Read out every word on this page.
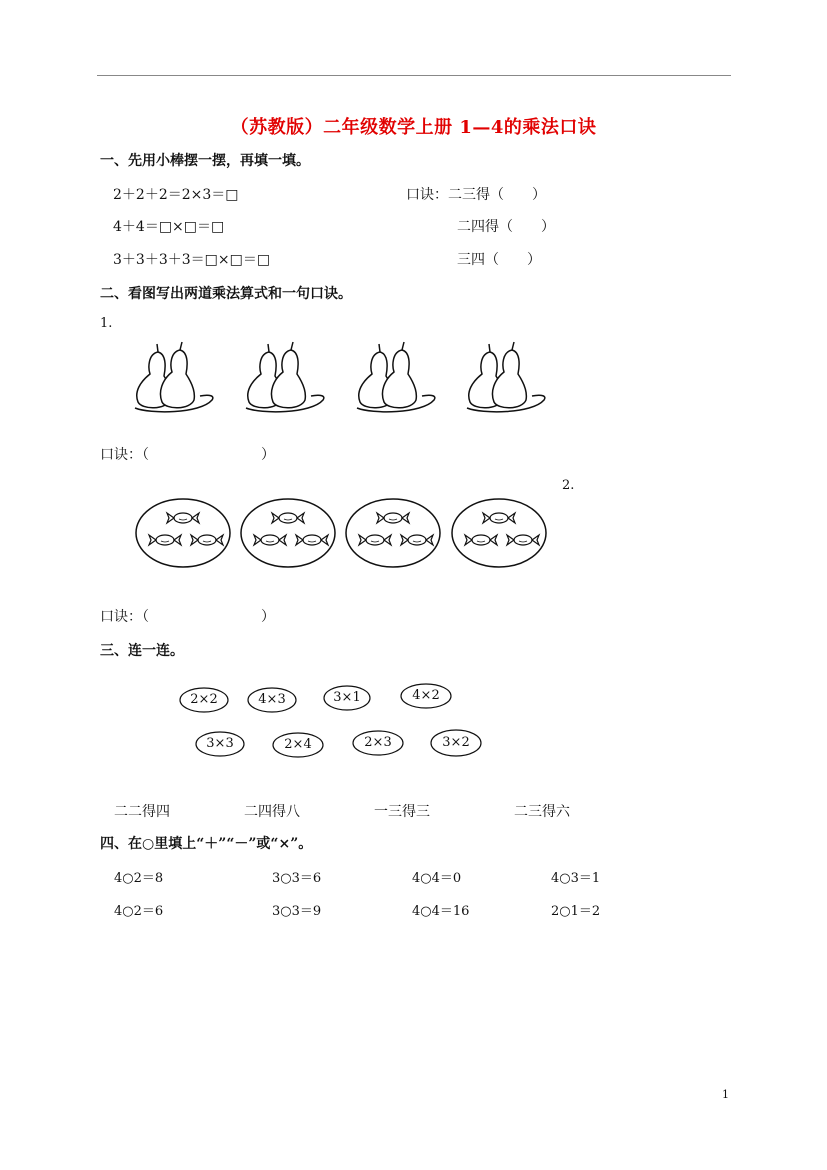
（苏教版）二年级数学上册 1—4的乘法口诀
一、先用小棒摆一摆，再填一填。
2＋2＋2＝2×3＝□	口诀：二三得（　　）
4＋4＝□×□＝□	二四得（　　）
3＋3＋3＋3＝□×□＝□	三四（　　）
二、看图写出两道乘法算式和一句口诀。
1.
口诀：（　　　　　　　　）
2.
口诀：（　　　　　　　　）
三、连一连。
2×2	4×3	3×1	4×2
3×3	2×4	2×3	3×2
二二得四	二四得八	一三得三	二三得六
四、在○里填上“＋”“－”或“×”。
4○2＝8	3○3＝6	4○4＝0	4○3＝1
4○2＝6	3○3＝9	4○4＝16	2○1＝2
1
